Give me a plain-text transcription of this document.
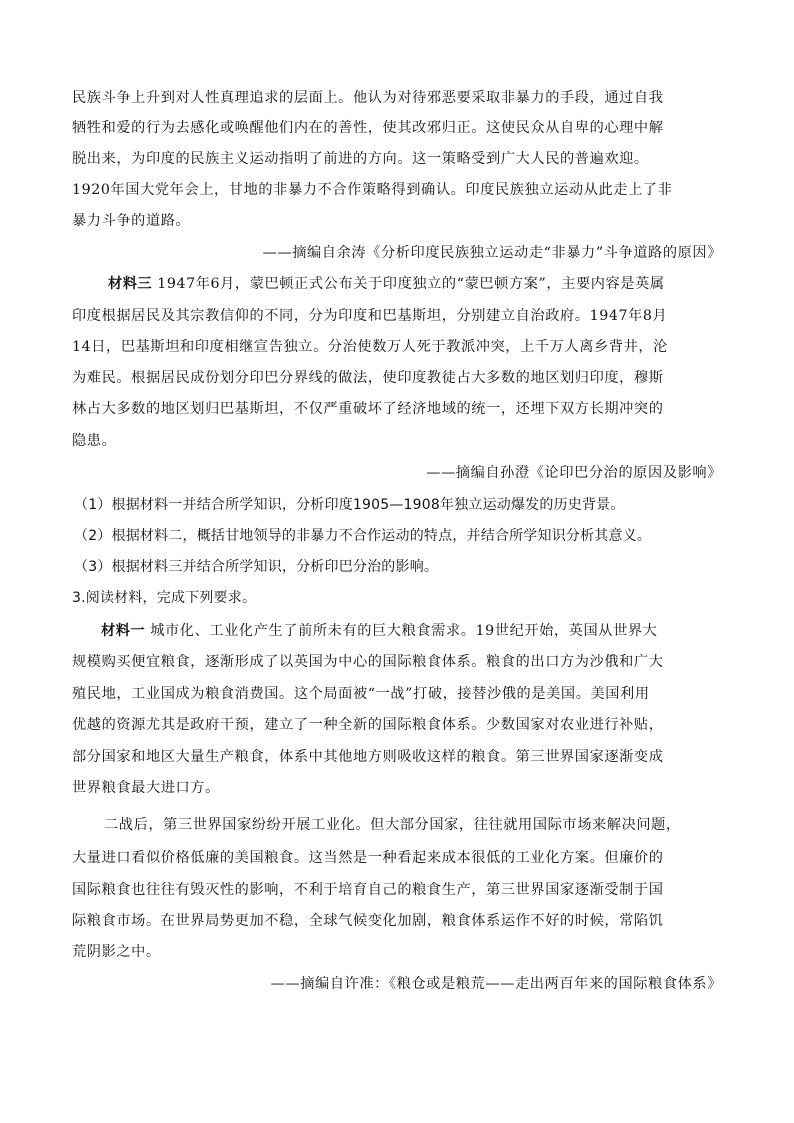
民族斗争上升到对人性真理追求的层面上。他认为对待邪恶要采取非暴力的手段，通过自我
牺牲和爱的行为去感化或唤醒他们内在的善性，使其改邪归正。这使民众从自卑的心理中解
脱出来，为印度的民族主义运动指明了前进的方向。这一策略受到广大人民的普遍欢迎。
1920年国大党年会上，甘地的非暴力不合作策略得到确认。印度民族独立运动从此走上了非
暴力斗争的道路。
——摘编自余涛《分析印度民族独立运动走“非暴力”斗争道路的原因》
材料三 1947年6月，蒙巴顿正式公布关于印度独立的“蒙巴顿方案”，主要内容是英属
印度根据居民及其宗教信仰的不同，分为印度和巴基斯坦，分别建立自治政府。1947年8月
14日，巴基斯坦和印度相继宣告独立。分治使数万人死于教派冲突，上千万人离乡背井，沦
为难民。根据居民成份划分印巴分界线的做法，使印度教徒占大多数的地区划归印度，穆斯
林占大多数的地区划归巴基斯坦，不仅严重破坏了经济地域的统一，还埋下双方长期冲突的
隐患。
——摘编自孙澄《论印巴分治的原因及影响》
（1）根据材料一并结合所学知识，分析印度1905—1908年独立运动爆发的历史背景。
（2）根据材料二，概括甘地领导的非暴力不合作运动的特点，并结合所学知识分析其意义。
（3）根据材料三并结合所学知识，分析印巴分治的影响。
3.阅读材料，完成下列要求。
材料一 城市化、工业化产生了前所未有的巨大粮食需求。19世纪开始，英国从世界大
规模购买便宜粮食，逐渐形成了以英国为中心的国际粮食体系。粮食的出口方为沙俄和广大
殖民地，工业国成为粮食消费国。这个局面被“一战”打破，接替沙俄的是美国。美国利用
优越的资源尤其是政府干预，建立了一种全新的国际粮食体系。少数国家对农业进行补贴，
部分国家和地区大量生产粮食，体系中其他地方则吸收这样的粮食。第三世界国家逐渐变成
世界粮食最大进口方。
二战后，第三世界国家纷纷开展工业化。但大部分国家，往往就用国际市场来解决问题，
大量进口看似价格低廉的美国粮食。这当然是一种看起来成本很低的工业化方案。但廉价的
国际粮食也往往有毁灭性的影响，不利于培育自己的粮食生产，第三世界国家逐渐受制于国
际粮食市场。在世界局势更加不稳，全球气候变化加剧，粮食体系运作不好的时候，常陷饥
荒阴影之中。
——摘编自许准：《粮仓或是粮荒——走出两百年来的国际粮食体系》
